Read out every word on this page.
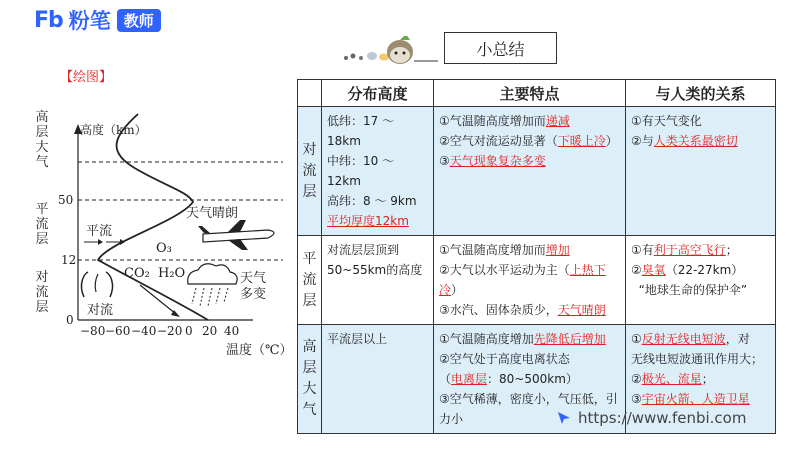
Fb 粉笔 教师
小总结
【绘图】
50
12
0
−80 −60 −40 −20 0 20 40
高度（km）
温度（℃）
平流
对流
天气晴朗
O₃
CO₂ H₂O	天气
多变
高
层
大
气
平
流
层
对
流
层
	分布高度	主要特点	与人类的关系
对
流
层	低纬：17 ～ 18km
中纬：10 ～ 12km
高纬：8 ～ 9km
平均厚度12km	①气温随高度增加而递减
②空气对流运动显著（下暖上冷）
③天气现象复杂多变	①有天气变化
②与人类关系最密切

平
流
层	对流层层顶到
50~55km的高度	①气温随高度增加而增加
②大气以水平运动为主（上热下冷）
③水汽、固体杂质少，天气晴朗	①有利于高空飞行；
②臭氧（22-27km）
“地球生命的保护伞”

高
层
大
气	平流层以上	①气温随高度增加先降低后增加
②空气处于高度电离状态
（电离层：80~500km）
③空气稀薄，密度小，气压低，引
力小	①反射无线电短波，对
无线电短波通讯作用大；
②极光、流星；
③宇宙火箭、人造卫星
https://www.fenbi.com
